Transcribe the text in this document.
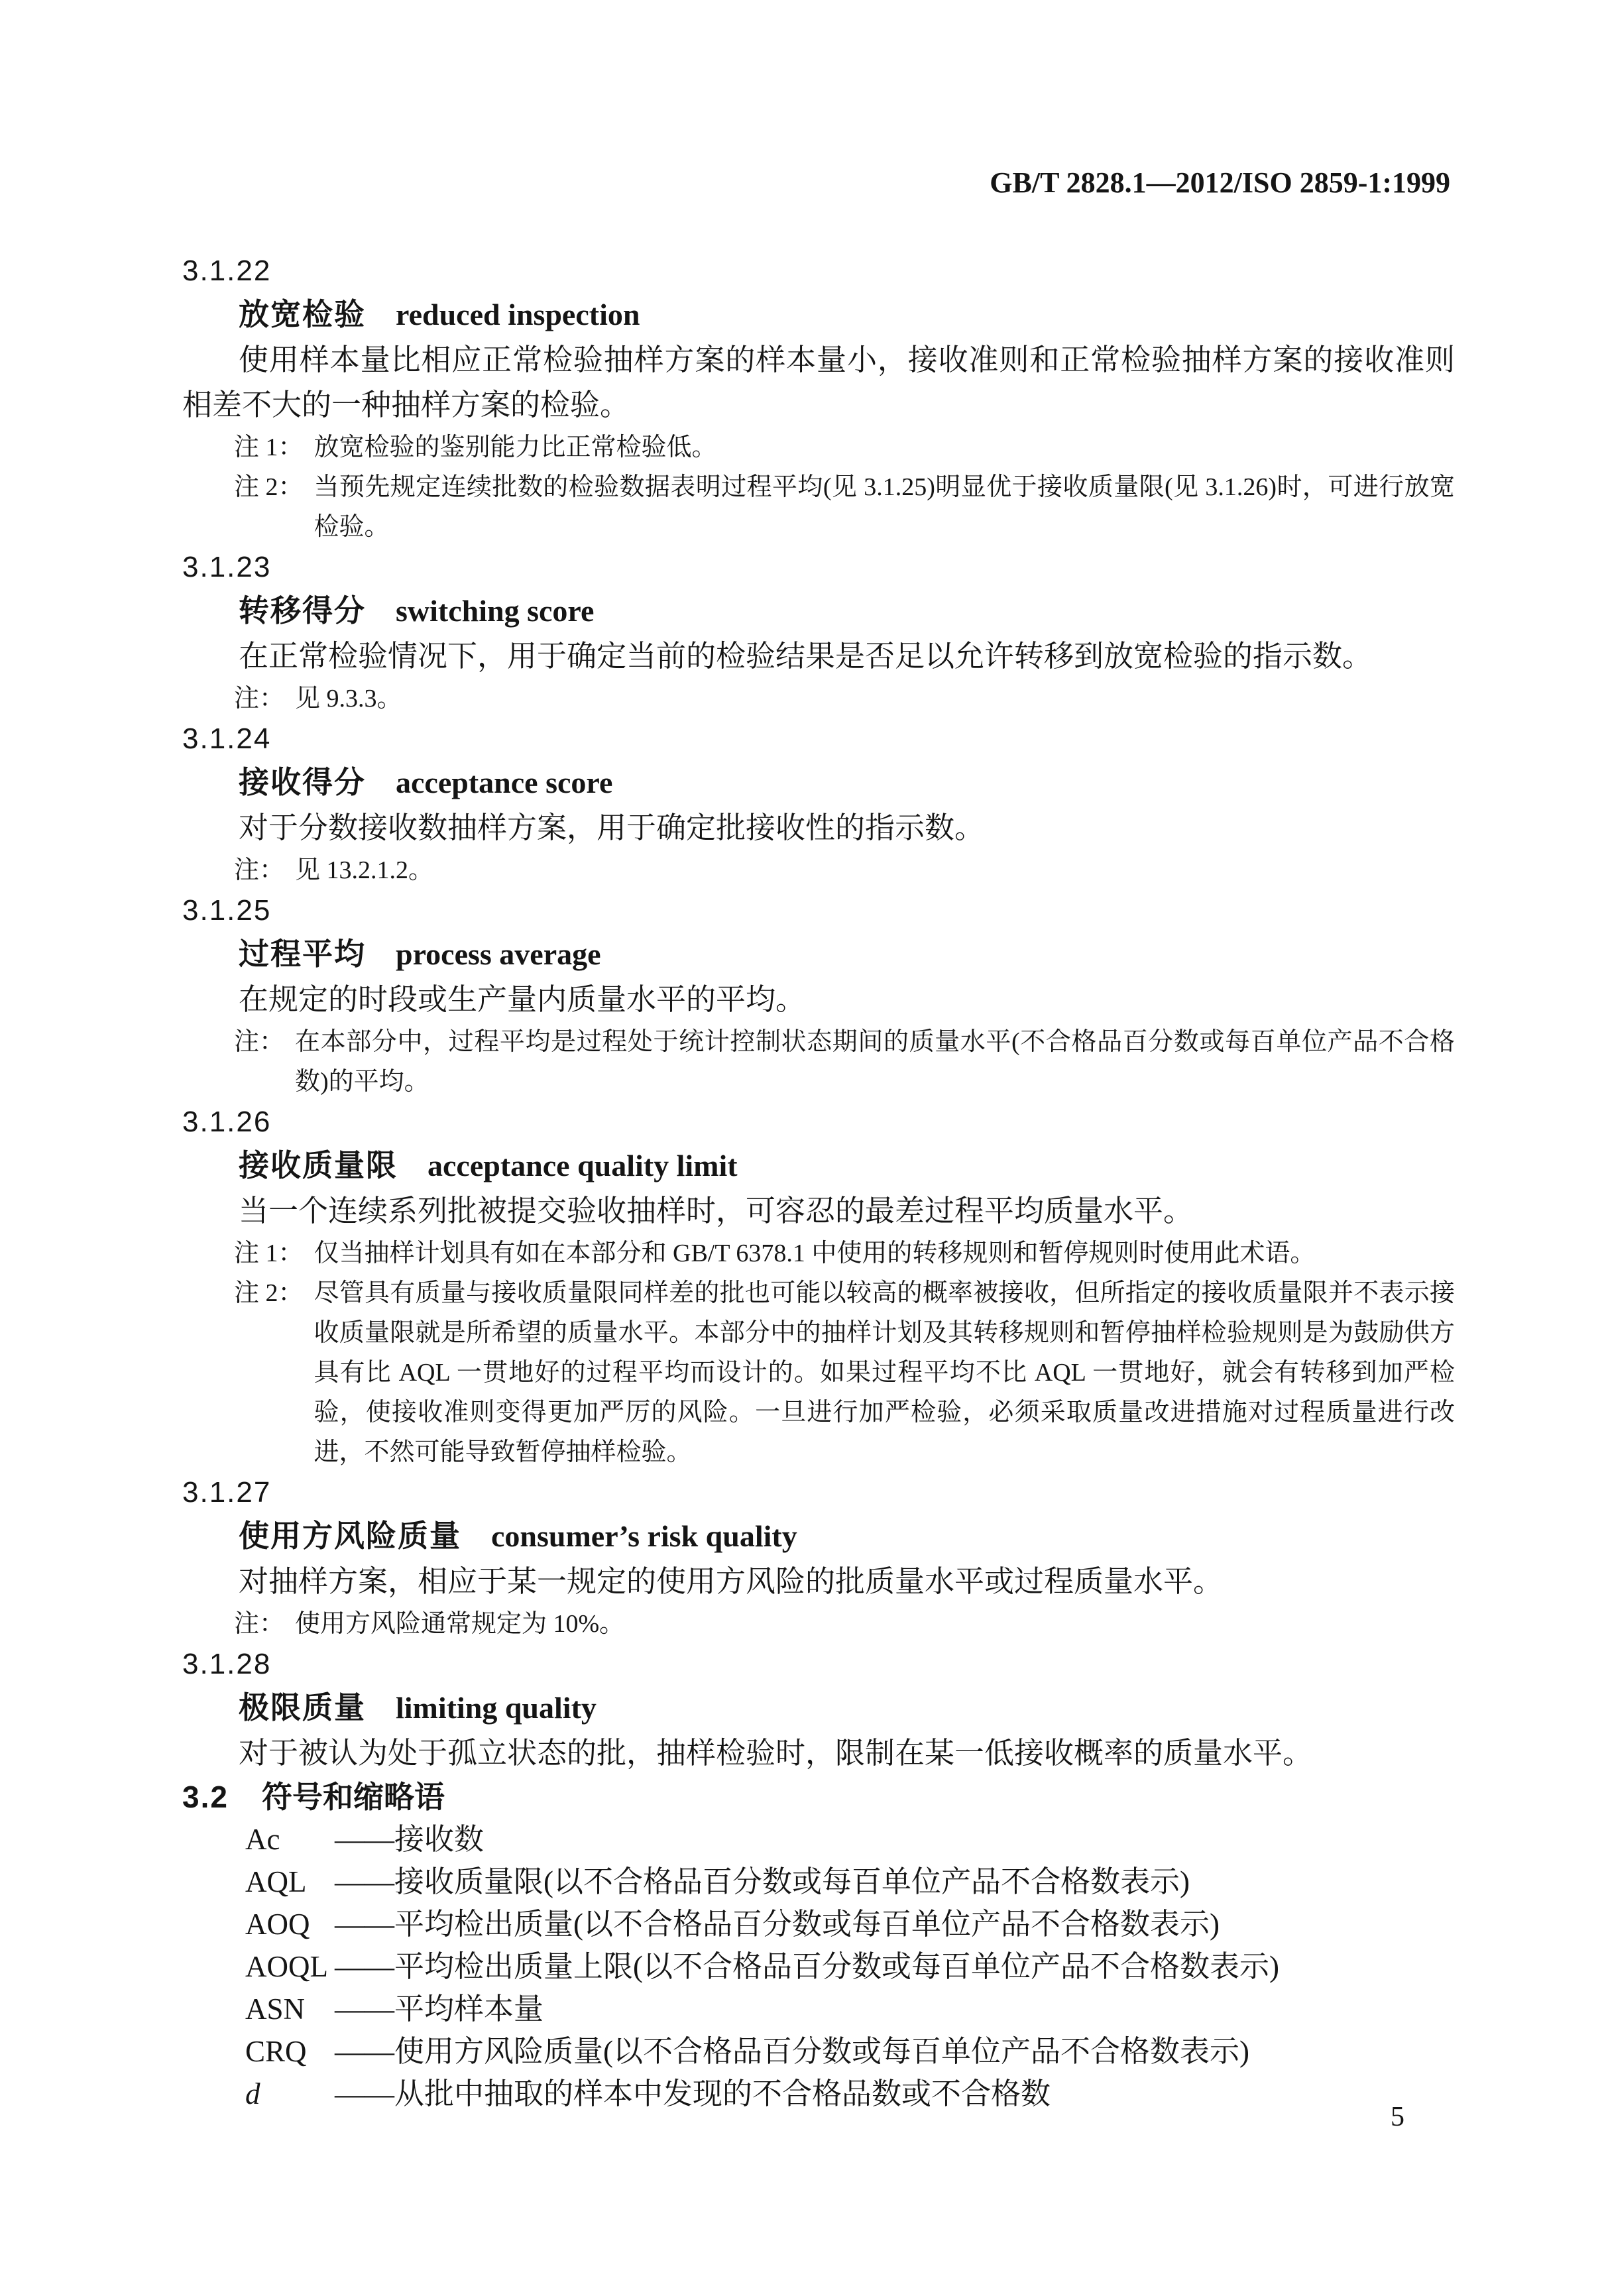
GB/T 2828.1—2012/ISO 2859-1:1999
3.1.22
放宽检验 reduced inspection

使用样本量比相应正常检验抽样方案的样本量小，接收准则和正常检验抽样方案的接收准则相差不大的一种抽样方案的检验。

注 1： 放宽检验的鉴别能力比正常检验低。
注 2： 当预先规定连续批数的检验数据表明过程平均(见 3.1.25)明显优于接收质量限(见 3.1.26)时，可进行放宽检验。
3.1.23
转移得分 switching score

在正常检验情况下，用于确定当前的检验结果是否足以允许转移到放宽检验的指示数。

注： 见 9.3.3。
3.1.24
接收得分 acceptance score

对于分数接收数抽样方案，用于确定批接收性的指示数。

注： 见 13.2.1.2。
3.1.25
过程平均 process average

在规定的时段或生产量内质量水平的平均。

注： 在本部分中，过程平均是过程处于统计控制状态期间的质量水平(不合格品百分数或每百单位产品不合格数)的平均。
3.1.26
接收质量限 acceptance quality limit

当一个连续系列批被提交验收抽样时，可容忍的最差过程平均质量水平。

注 1： 仅当抽样计划具有如在本部分和 GB/T 6378.1 中使用的转移规则和暂停规则时使用此术语。
注 2： 尽管具有质量与接收质量限同样差的批也可能以较高的概率被接收，但所指定的接收质量限并不表示接收质量限就是所希望的质量水平。本部分中的抽样计划及其转移规则和暂停抽样检验规则是为鼓励供方具有比 AQL 一贯地好的过程平均而设计的。如果过程平均不比 AQL 一贯地好，就会有转移到加严检验，使接收准则变得更加严厉的风险。一旦进行加严检验，必须采取质量改进措施对过程质量进行改进，不然可能导致暂停抽样检验。
3.1.27
使用方风险质量 consumer’s risk quality

对抽样方案，相应于某一规定的使用方风险的批质量水平或过程质量水平。

注： 使用方风险通常规定为 10%。
3.1.28
极限质量 limiting quality

对于被认为处于孤立状态的批，抽样检验时，限制在某一低接收概率的质量水平。

3.2 符号和缩略语
Ac	—— 接收数
AQL —— 接收质量限(以不合格品百分数或每百单位产品不合格数表示)
AOQ —— 平均检出质量(以不合格品百分数或每百单位产品不合格数表示)
AOQL —— 平均检出质量上限(以不合格品百分数或每百单位产品不合格数表示)
ASN —— 平均样本量
CRQ —— 使用方风险质量(以不合格品百分数或每百单位产品不合格数表示)
d	—— 从批中抽取的样本中发现的不合格品数或不合格数
5
